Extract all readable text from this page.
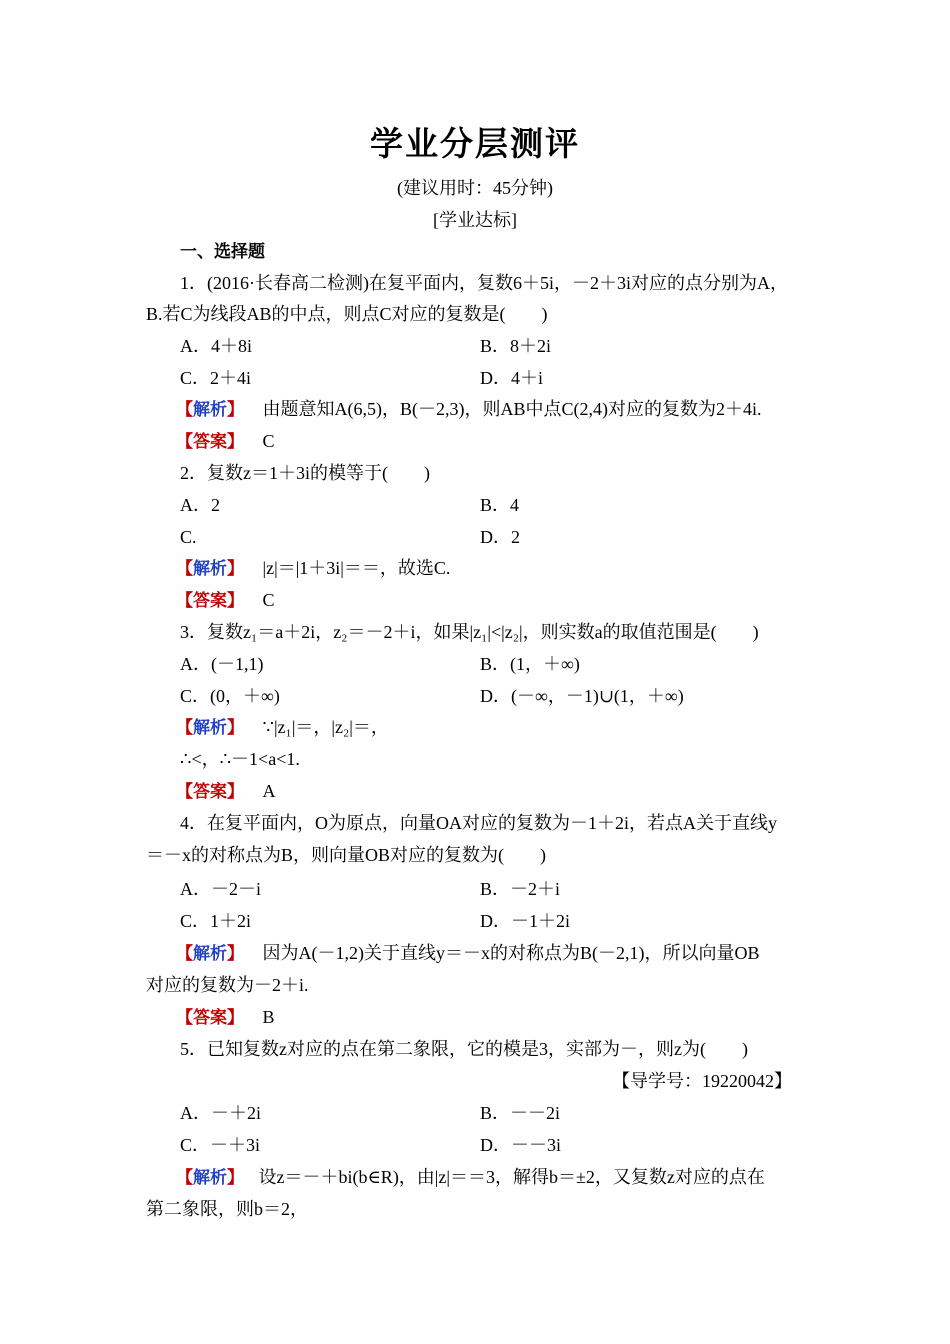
学业分层测评
(建议用时：45分钟)
[学业达标]
一、选择题
1．(2016·长春高二检测)在复平面内，复数6＋5i，－2＋3i对应的点分别为A，
B.若C为线段AB的中点，则点C对应的复数是(　　)
A．4＋8i	B．8＋2i
C．2＋4i	D．4＋i
【解析】 由题意知A(6,5)，B(－2,3)，则AB中点C(2,4)对应的复数为2＋4i.
【答案】 C
2．复数z＝1＋3i的模等于(　　)
A．2	B．4
C.	D．2
【解析】 |z|＝|1＋3i|＝＝，故选C.
【答案】 C
3．复数z₁＝a＋2i，z₂＝－2＋i，如果|z₁|<|z₂|，则实数a的取值范围是(　　)
A．(－1,1)	B．(1，＋∞)
C．(0，＋∞)	D．(－∞，－1)∪(1，＋∞)
【解析】 ∵|z₁|＝，|z₂|＝，
∴<，∴－1<a<1.
【答案】 A
4．在复平面内，O为原点，向量OA对应的复数为－1＋2i，若点A关于直线y
＝－x的对称点为B，则向量OB对应的复数为(　　)
A．－2－i	B．－2＋i
C．1＋2i	D．－1＋2i
【解析】 因为A(－1,2)关于直线y＝－x的对称点为B(－2,1)，所以向量OB
对应的复数为－2＋i.
【答案】 B
5．已知复数z对应的点在第二象限，它的模是3，实部为－，则z为(　　)
【导学号：19220042】
A．－＋2i	B．－－2i
C．－＋3i	D．－－3i
【解析】 设z＝－＋bi(b∈R)，由|z|＝＝3，解得b＝±2，又复数z对应的点在
第二象限，则b＝2，
